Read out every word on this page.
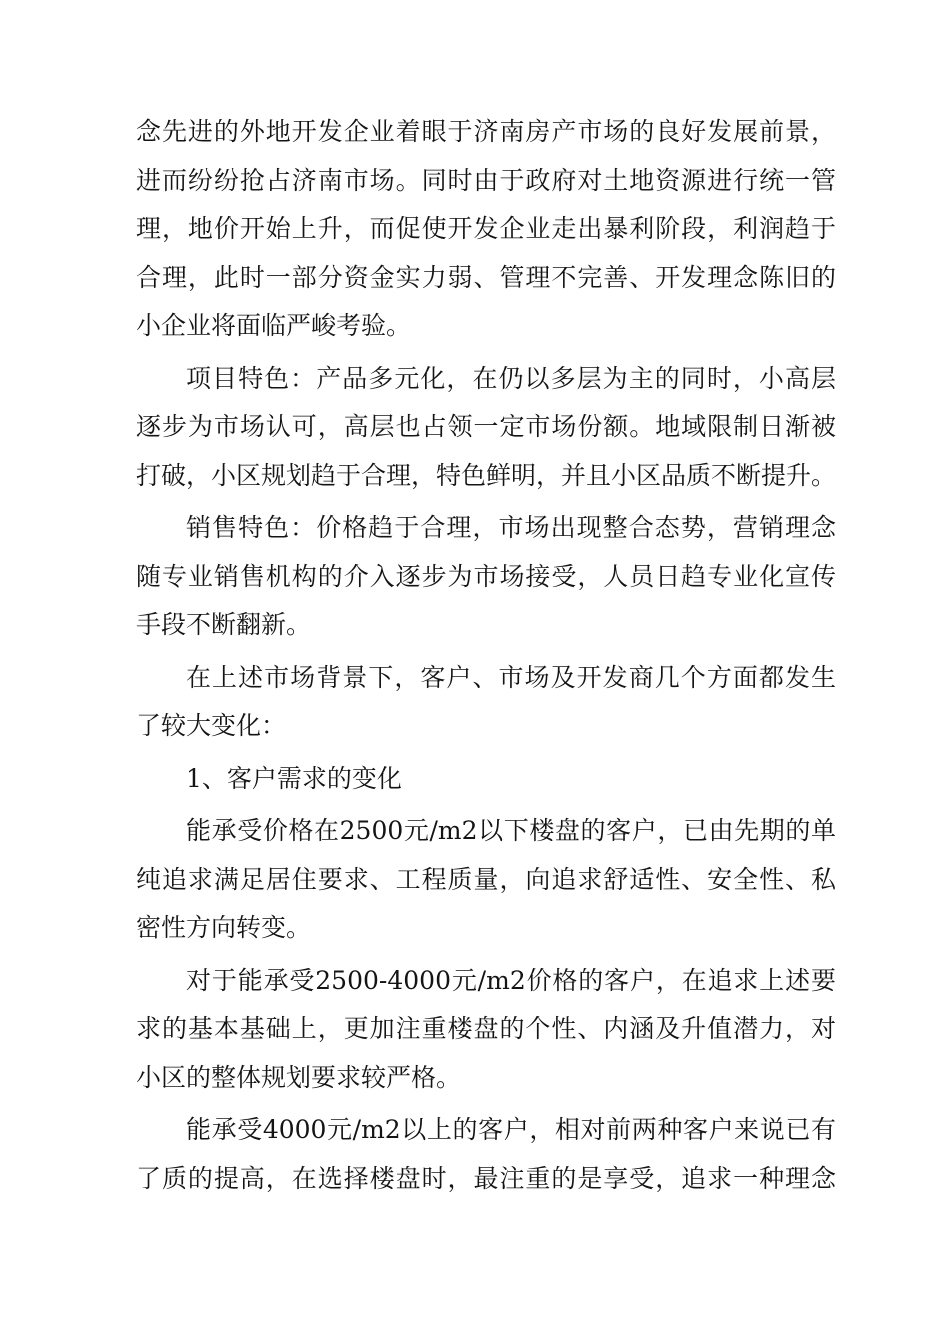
念先进的外地开发企业着眼于济南房产市场的良好发展前景，
进而纷纷抢占济南市场。同时由于政府对土地资源进行统一管
理，地价开始上升，而促使开发企业走出暴利阶段，利润趋于
合理，此时一部分资金实力弱、管理不完善、开发理念陈旧的
小企业将面临严峻考验。
项目特色：产品多元化，在仍以多层为主的同时，小高层
逐步为市场认可，高层也占领一定市场份额。地域限制日渐被
打破，小区规划趋于合理，特色鲜明，并且小区品质不断提升。
销售特色：价格趋于合理，市场出现整合态势，营销理念
随专业销售机构的介入逐步为市场接受，人员日趋专业化宣传
手段不断翻新。
在上述市场背景下，客户、市场及开发商几个方面都发生
了较大变化：
1、客户需求的变化
能承受价格在2500元/m2以下楼盘的客户，已由先期的单
纯追求满足居住要求、工程质量，向追求舒适性、安全性、私
密性方向转变。
对于能承受2500-4000元/m2价格的客户，在追求上述要
求的基本基础上，更加注重楼盘的个性、内涵及升值潜力，对
小区的整体规划要求较严格。
能承受4000元/m2以上的客户，相对前两种客户来说已有
了质的提高，在选择楼盘时，最注重的是享受，追求一种理念
